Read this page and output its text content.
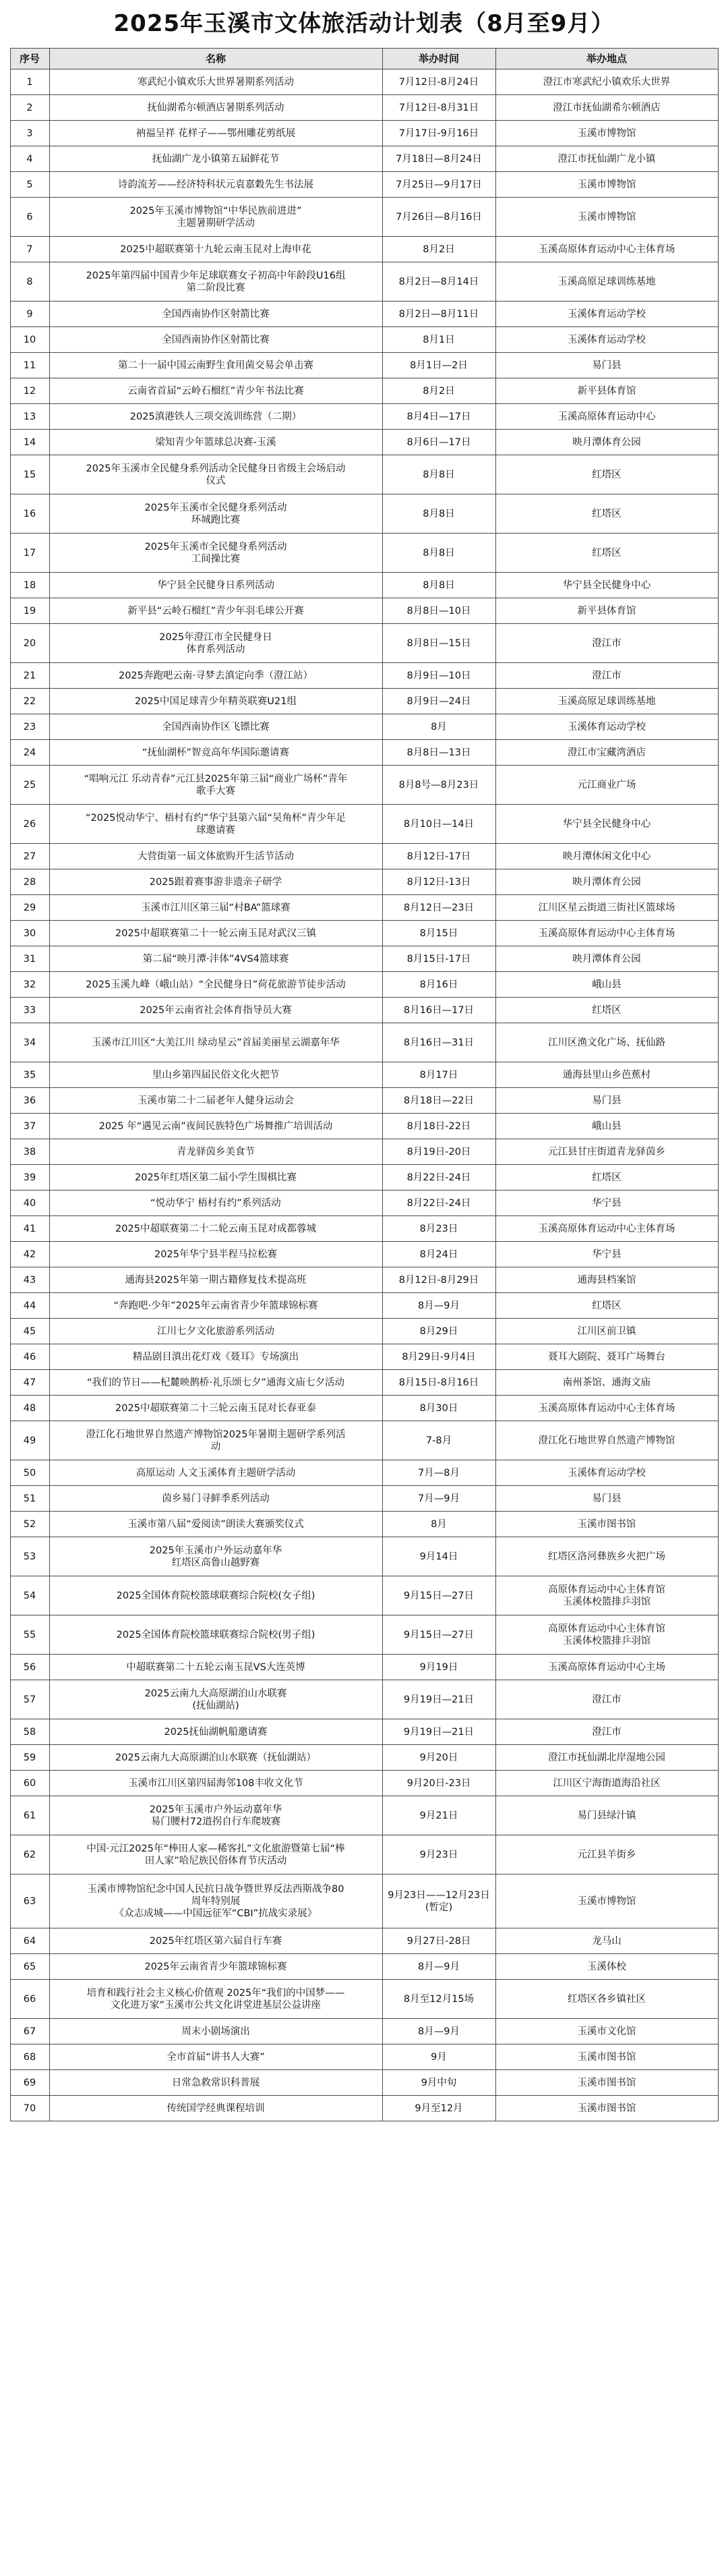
2025年玉溪市文体旅活动计划表（8月至9月）
序号	名称	举办时间	举办地点
1	寒武纪小镇欢乐大世界暑期系列活动	7月12日-8月24日	澄江市寒武纪小镇欢乐大世界
2	抚仙湖希尔顿酒店暑期系列活动	7月12日-8月31日	澄江市抚仙湖希尔顿酒店
3	衲福呈祥 花样子——鄂州雕花剪纸展	7月17日-9月16日	玉溪市博物馆
4	抚仙湖广龙小镇第五届鲜花节	7月18日—8月24日	澄江市抚仙湖广龙小镇
5	诗韵流芳——经济特科状元袁嘉穀先生书法展	7月25日—9月17日	玉溪市博物馆
6	2025年玉溪市博物馆“中华民族前进进”
主题暑期研学活动	7月26日—8月16日	玉溪市博物馆
7	2025中超联赛第十九轮云南玉昆对上海申花	8月2日	玉溪高原体育运动中心主体育场
8	2025年第四届中国青少年足球联赛女子初高中年龄段U16组
第二阶段比赛	8月2日—8月14日	玉溪高原足球训练基地
9	全国西南协作区射箭比赛	8月2日—8月11日	玉溪体育运动学校
10	全国西南协作区射箭比赛	8月1日	玉溪体育运动学校
11	第二十一届中国云南野生食用菌交易会单击赛	8月1日—2日	易门县
12	云南省首届“云岭石榴红”青少年书法比赛	8月2日	新平县体育馆
13	2025滇港铁人三项交流训练营（二期）	8月4日—17日	玉溪高原体育运动中心
14	梁知青少年篮球总决赛-玉溪	8月6日—17日	映月潭体育公园
15	2025年玉溪市全民健身系列活动全民健身日省级主会场启动
仪式	8月8日	红塔区
16	2025年玉溪市全民健身系列活动
环城跑比赛	8月8日	红塔区
17	2025年玉溪市全民健身系列活动
工间操比赛	8月8日	红塔区
18	华宁县全民健身日系列活动	8月8日	华宁县全民健身中心
19	新平县“云岭石榴红”青少年羽毛球公开赛	8月8日—10日	新平县体育馆
20	2025年澄江市全民健身日
体育系列活动	8月8日—15日	澄江市
21	2025奔跑吧云南·寻梦去滇定向季（澄江站）	8月9日—10日	澄江市
22	2025中国足球青少年精英联赛U21组	8月9日—24日	玉溪高原足球训练基地
23	全国西南协作区飞镖比赛	8月	玉溪体育运动学校
24	“抚仙湖杯”智竞高年华国际邀请赛	8月8日—13日	澄江市宝藏湾酒店
25	“唱响元江 乐动青春”元江县2025年第三届“商业广场杯”青年
歌手大赛	8月8号—8月23日	元江商业广场
26	“2025悦动华宁、梧村有约”华宁县第六届“吴角杯”青少年足
球邀请赛	8月10日—14日	华宁县全民健身中心
27	大营街第一届文体旅购开生活节活动	8月12日-17日	映月潭休闲文化中心
28	2025跟着赛事游非遗亲子研学	8月12日-13日	映月潭体育公园
29	玉溪市江川区第三届“村BA”篮球赛	8月12日—23日	江川区星云街道三街社区篮球场
30	2025中超联赛第二十一轮云南玉昆对武汉三镇	8月15日	玉溪高原体育运动中心主体育场
31	第二届“映月潭·沣体”4VS4篮球赛	8月15日-17日	映月潭体育公园
32	2025玉溪九峰（峨山站）“全民健身日”荷花旅游节徒步活动	8月16日	峨山县
33	2025年云南省社会体育指导员大赛	8月16日—17日	红塔区
34	玉溪市江川区“大美江川 绿动星云”首届美丽星云湖嘉年华	8月16日—31日	江川区渔文化广场、抚仙路
35	里山乡第四届民俗文化火把节	8月17日	通海县里山乡芭蕉村
36	玉溪市第二十二届老年人健身运动会	8月18日—22日	易门县
37	2025 年“遇见云南”夜间民族特色广场舞推广培训活动	8月18日-22日	峨山县
38	青龙驿茵乡美食节	8月19日-20日	元江县甘庄街道青龙驿茵乡
39	2025年红塔区第二届小学生围棋比赛	8月22日-24日	红塔区
40	“悦动华宁 梧村有约”系列活动	8月22日-24日	华宁县
41	2025中超联赛第二十二轮云南玉昆对成都蓉城	8月23日	玉溪高原体育运动中心主体育场
42	2025年华宁县半程马拉松赛	8月24日	华宁县
43	通海县2025年第一期古籍修复技术提高班	8月12日-8月29日	通海县档案馆
44	“奔跑吧·少年”2025年云南省青少年篮球锦标赛	8月—9月	红塔区
45	江川七夕文化旅游系列活动	8月29日	江川区前卫镇
46	精品剧目滇出花灯戏《聂耳》专场演出	8月29日-9月4日	聂耳大剧院、聂耳广场舞台
47	“我们的节日——杞麓映鹊桥·礼乐颂七夕”通海文庙七夕活动	8月15日-8月16日	南州茶馆、通海文庙
48	2025中超联赛第二十三轮云南玉昆对长春亚泰	8月30日	玉溪高原体育运动中心主体育场
49	澄江化石地世界自然遗产博物馆2025年暑期主题研学系列活
动	7-8月	澄江化石地世界自然遗产博物馆
50	高原运动 人文玉溪体育主题研学活动	7月—8月	玉溪体育运动学校
51	茵乡易门寻鲜季系列活动	7月—9月	易门县
52	玉溪市第八届“爱阅读”朗读大赛颁奖仪式	8月	玉溪市图书馆
53	2025年玉溪市户外运动嘉年华
红塔区高鲁山越野赛	9月14日	红塔区洛河彝族乡火把广场
54	2025全国体育院校篮球联赛综合院校(女子组)	9月15日—27日	高原体育运动中心主体育馆
玉溪体校篮排乒羽馆
55	2025全国体育院校篮球联赛综合院校(男子组)	9月15日—27日	高原体育运动中心主体育馆
玉溪体校篮排乒羽馆
56	中超联赛第二十五轮云南玉昆VS大连英博	9月19日	玉溪高原体育运动中心主场
57	2025云南九大高原湖泊山水联赛
(抚仙湖站)	9月19日—21日	澄江市
58	2025抚仙湖帆船邀请赛	9月19日—21日	澄江市
59	2025云南九大高原湖泊山水联赛（抚仙湖站）	9月20日	澄江市抚仙湖北岸湿地公园
60	玉溪市江川区第四届海邻108丰收文化节	9月20日-23日	江川区宁海街道海沿社区
61	2025年玉溪市户外运动嘉年华
易门腰村72道拐自行车爬坡赛	9月21日	易门县绿汁镇
62	中国·元江2025年“棒田人家—稀客扎”文化旅游暨第七届“棒
田人家”哈尼族民俗体育节庆活动	9月23日	元江县羊街乡
63	玉溪市博物馆纪念中国人民抗日战争暨世界反法西斯战争80
周年特别展
《众志成城——中国远征军“CBI”抗战实录展》	9月23日——12月23日
(暂定)	玉溪市博物馆
64	2025年红塔区第六届自行车赛	9月27日-28日	龙马山
65	2025年云南省青少年篮球锦标赛	8月—9月	玉溪体校
66	培育和践行社会主义核心价值观 2025年“我们的中国梦——
文化进万家”玉溪市公共文化讲堂进基层公益讲座	8月至12月15场	红塔区各乡镇社区
67	周末小剧场演出	8月—9月	玉溪市文化馆
68	全市首届“讲书人大赛”	9月	玉溪市图书馆
69	日常急救常识科普展	9月中旬	玉溪市图书馆
70	传统国学经典课程培训	9月至12月	玉溪市图书馆
